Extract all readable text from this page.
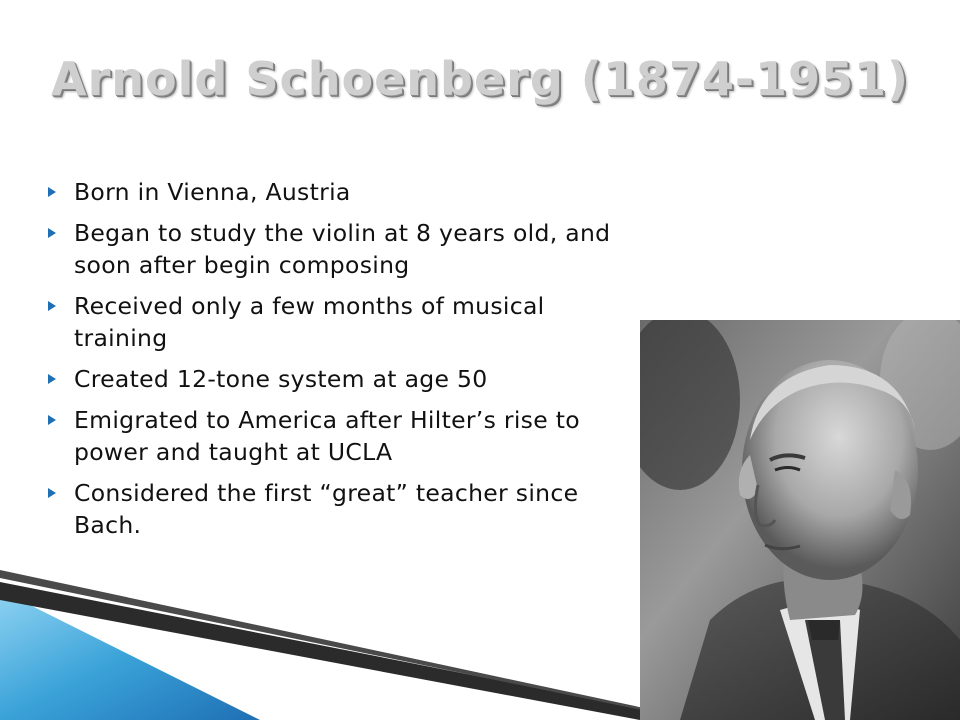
Arnold Schoenberg (1874-1951)
Born in Vienna, Austria
Began to study the violin at 8 years old, and soon after begin composing
Received only a few months of musical training
Created 12-tone system at age 50
Emigrated to America after Hilter’s rise to power and taught at UCLA
Considered the first “great” teacher since Bach.
